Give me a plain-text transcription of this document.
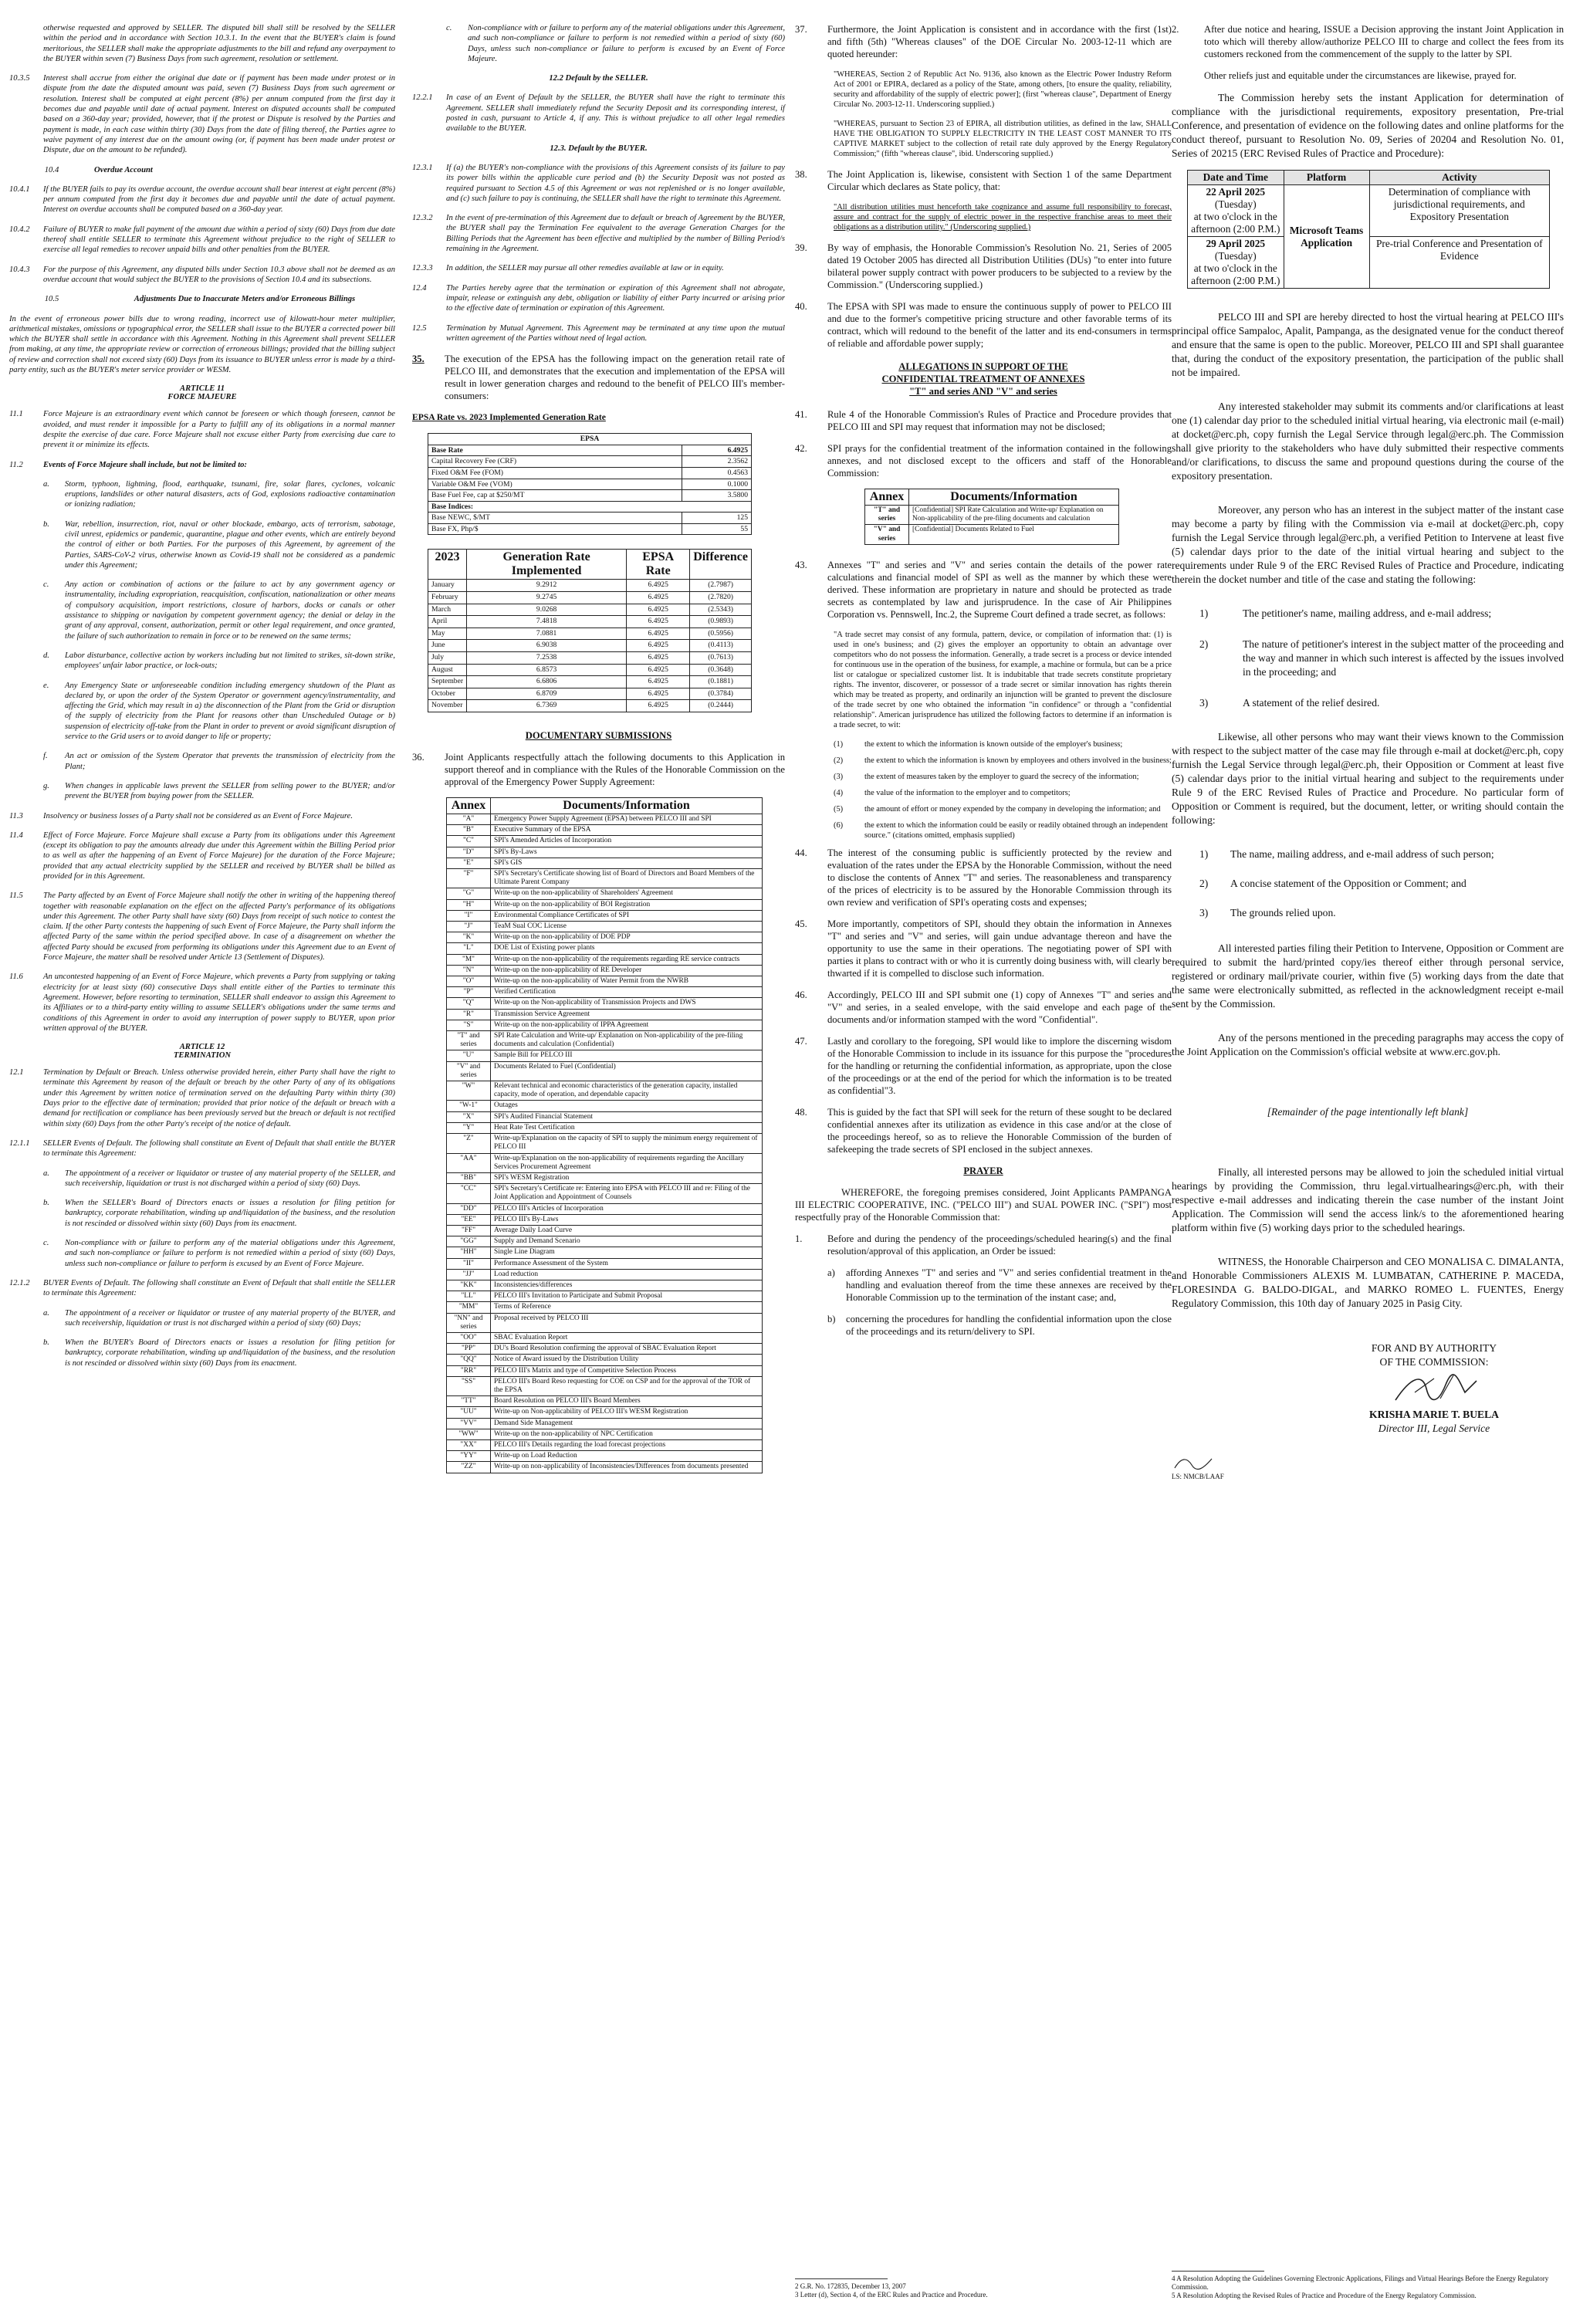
otherwise requested and approved by SELLER. The disputed bill shall still be resolved by the SELLER within the period and in accordance with Section 10.3.1. In the event that the BUYER's claim is found meritorious, the SELLER shall make the appropriate adjustments to the bill and refund any overpayment to the BUYER within seven (7) Business Days from such agreement, resolution or settlement.

10.3.5	Interest shall accrue from either the original due date or if payment has been made under protest or in dispute from the date the disputed amount was paid, seven (7) Business Days from such agreement or resolution. Interest shall be computed at eight percent (8%) per annum computed from the first day it becomes due and payable until date of actual payment. Interest on disputed accounts shall be computed based on a 360-day year; provided, however, that if the protest or Dispute is resolved by the Parties and payment is made, in each case within thirty (30) Days from the date of filing thereof, the Parties agree to waive payment of any interest due on the amount owing (or, if payment has been made under protest or Dispute, due on the amount to be refunded).
10.4	Overdue Account
10.4.1	If the BUYER fails to pay its overdue account, the overdue account shall bear interest at eight percent (8%) per annum computed from the first day it becomes due and payable until the date of actual payment. Interest on overdue accounts shall be computed based on a 360-day year.
10.4.2	Failure of BUYER to make full payment of the amount due within a period of sixty (60) Days from due date thereof shall entitle SELLER to terminate this Agreement without prejudice to the right of SELLER to exercise all legal remedies to recover unpaid bills and other penalties from the BUYER.
10.4.3	For the purpose of this Agreement, any disputed bills under Section 10.3 above shall not be deemed as an overdue account that would subject the BUYER to the provisions of Section 10.4 and its subsections.
10.5	Adjustments Due to Inaccurate Meters and/or Erroneous Billings

In the event of erroneous power bills due to wrong reading, incorrect use of kilowatt-hour meter multiplier, arithmetical mistakes, omissions or typographical error, the SELLER shall issue to the BUYER a corrected power bill which the BUYER shall settle in accordance with this Agreement. Nothing in this Agreement shall prevent SELLER from making, at any time, the appropriate review or correction of erroneous billings; provided that the billing subject of review and correction shall not exceed sixty (60) Days from its issuance to BUYER unless error is made by a third-party entity, such as the BUYER's meter service provider or WESM.

ARTICLE 11
FORCE MAJEURE
11.1	Force Majeure is an extraordinary event which cannot be foreseen or which though foreseen, cannot be avoided, and must render it impossible for a Party to fulfill any of its obligations in a normal manner despite the exercise of due care. Force Majeure shall not excuse either Party from exercising due care to prevent it or minimize its effects.
11.2	Events of Force Majeure shall include, but not be limited to:
a.	Storm, typhoon, lightning, flood, earthquake, tsunami, fire, solar flares, cyclones, volcanic eruptions, landslides or other natural disasters, acts of God, explosions radioactive contamination or ionizing radiation;
b.	War, rebellion, insurrection, riot, naval or other blockade, embargo, acts of terrorism, sabotage, civil unrest, epidemics or pandemic, quarantine, plague and other events, which are entirely beyond the control of either or both Parties. For the purposes of this Agreement, by agreement of the Parties, SARS-CoV-2 virus, otherwise known as Covid-19 shall not be considered as a pandemic under this Agreement;
c.	Any action or combination of actions or the failure to act by any government agency or instrumentality, including expropriation, reacquisition, confiscation, nationalization or other means of compulsory acquisition, import restrictions, closure of harbors, docks or canals or other assistance to shipping or navigation by competent government agency; the denial or delay in the grant of any approval, consent, authorization, permit or other legal requirement, and once granted, the failure of such authorization to remain in force or to be renewed on the same terms;
d.	Labor disturbance, collective action by workers including but not limited to strikes, sit-down strike, employees' unfair labor practice, or lock-outs;
e.	Any Emergency State or unforeseeable condition including emergency shutdown of the Plant as declared by, or upon the order of the System Operator or government agency/instrumentality, and affecting the Grid, which may result in a) the disconnection of the Plant from the Grid or disruption of the supply of electricity from the Plant for reasons other than Unscheduled Outage or b) suspension of electricity off-take from the Plant in order to prevent or avoid significant disruption of service to the Grid users or to avoid danger to life or property;
f.	An act or omission of the System Operator that prevents the transmission of electricity from the Plant;
g.	When changes in applicable laws prevent the SELLER from selling power to the BUYER; and/or prevent the BUYER from buying power from the SELLER.
11.3	Insolvency or business losses of a Party shall not be considered as an Event of Force Majeure.
11.4	Effect of Force Majeure. Force Majeure shall excuse a Party from its obligations under this Agreement (except its obligation to pay the amounts already due under this Agreement within the Billing Period prior to as well as after the happening of an Event of Force Majeure) for the duration of the Force Majeure; provided that any actual electricity supplied by the SELLER and received by BUYER shall be billed as provided for in this Agreement.
11.5	The Party affected by an Event of Force Majeure shall notify the other in writing of the happening thereof together with reasonable explanation on the effect on the affected Party's performance of its obligations under this Agreement. The other Party shall have sixty (60) Days from receipt of such notice to contest the claim. If the other Party contests the happening of such Event of Force Majeure, the Party shall inform the affected Party of the same within the period specified above. In case of a disagreement on whether the affected Party should be excused from performing its obligations under this Agreement due to an Event of Force Majeure, the matter shall be resolved under Article 13 (Settlement of Disputes).
11.6	An uncontested happening of an Event of Force Majeure, which prevents a Party from supplying or taking electricity for at least sixty (60) consecutive Days shall entitle either of the Parties to terminate this Agreement. However, before resorting to termination, SELLER shall endeavor to assign this Agreement to its Affiliates or to a third-party entity willing to assume SELLER's obligations under the same terms and conditions of this Agreement in order to avoid any interruption of power supply to BUYER, upon prior written approval of the BUYER.
ARTICLE 12
TERMINATION
12.1	Termination by Default or Breach. Unless otherwise provided herein, either Party shall have the right to terminate this Agreement by reason of the default or breach by the other Party of any of its obligations under this Agreement by written notice of termination served on the defaulting Party within thirty (30) Days prior to the effective date of termination; provided that prior notice of the default or breach with a demand for rectification or compliance has been previously served but the breach or default is not rectified within sixty (60) Days from the other Party's receipt of the notice of default.
12.1.1	SELLER Events of Default. The following shall constitute an Event of Default that shall entitle the BUYER to terminate this Agreement:
a.	The appointment of a receiver or liquidator or trustee of any material property of the SELLER, and such receivership, liquidation or trust is not discharged within a period of sixty (60) Days.
b.	When the SELLER's Board of Directors enacts or issues a resolution for filing petition for bankruptcy, corporate rehabilitation, winding up and/liquidation of the business, and the resolution is not rescinded or dissolved within sixty (60) Days from its enactment.
c.	Non-compliance with or failure to perform any of the material obligations under this Agreement, and such non-compliance or failure to perform is not remedied within a period of sixty (60) Days, unless such non-compliance or failure to perform is excused by an Event of Force Majeure.
12.1.2	BUYER Events of Default. The following shall constitute an Event of Default that shall entitle the SELLER to terminate this Agreement:
a.	The appointment of a receiver or liquidator or trustee of any material property of the BUYER, and such receivership, liquidation or trust is not discharged within a period of sixty (60) Days;
b.	When the BUYER's Board of Directors enacts or issues a resolution for filing petition for bankruptcy, corporate rehabilitation, winding up and/liquidation of the business, and the resolution is not rescinded or dissolved within sixty (60) Days from its enactment.
c.	Non-compliance with or failure to perform any of the material obligations under this Agreement, and such non-compliance or failure to perform is not remedied within a period of sixty (60) Days, unless such non-compliance or failure to perform is excused by an Event of Force Majeure.

12.2 Default by the SELLER.

12.2.1	In case of an Event of Default by the SELLER, the BUYER shall have the right to terminate this Agreement. SELLER shall immediately refund the Security Deposit and its corresponding interest, if posted in cash, pursuant to Article 4, if any. This is without prejudice to all other legal remedies available to the BUYER.

12.3. Default by the BUYER.

12.3.1	If (a) the BUYER's non-compliance with the provisions of this Agreement consists of its failure to pay its power bills within the applicable cure period and (b) the Security Deposit was not posted as required pursuant to Section 4.5 of this Agreement or was not replenished or is no longer available, and (c) such failure to pay is continuing, the SELLER shall have the right to terminate this Agreement.
12.3.2	In the event of pre-termination of this Agreement due to default or breach of Agreement by the BUYER, the BUYER shall pay the Termination Fee equivalent to the average Generation Charges for the Billing Periods that the Agreement has been effective and multiplied by the number of Billing Period/s remaining in the Agreement.
12.3.3	In addition, the SELLER may pursue all other remedies available at law or in equity.
12.4	The Parties hereby agree that the termination or expiration of this Agreement shall not abrogate, impair, release or extinguish any debt, obligation or liability of either Party incurred or arising prior to the effective date of termination or expiration of this Agreement.
12.5	Termination by Mutual Agreement. This Agreement may be terminated at any time upon the mutual written agreement of the Parties without need of legal action.
35.	The execution of the EPSA has the following impact on the generation retail rate of PELCO III, and demonstrates that the execution and implementation of the EPSA will result in lower generation charges and redound to the benefit of PELCO III's member-consumers:

EPSA Rate vs. 2023 Implemented Generation Rate

EPSA	
Base Rate	6.4925
Capital Recovery Fee (CRF)	2.3562
Fixed O&M Fee (FOM)	0.4563
Variable O&M Fee (VOM)	0.1000
Base Fuel Fee, cap at $250/MT	3.5800
Base Indices:	
Base NEWC, $/MT	125
Base FX, Php/$	55
2023	Generation Rate Implemented	EPSA Rate	Difference
January	9.2912	6.4925	(2.7987)
February	9.2745	6.4925	(2.7820)
March	9.0268	6.4925	(2.5343)
April	7.4818	6.4925	(0.9893)
May	7.0881	6.4925	(0.5956)
June	6.9038	6.4925	(0.4113)
July	7.2538	6.4925	(0.7613)
August	6.8573	6.4925	(0.3648)
September	6.6806	6.4925	(0.1881)
October	6.8709	6.4925	(0.3784)
November	6.7369	6.4925	(0.2444)

DOCUMENTARY SUBMISSIONS

36.	Joint Applicants respectfully attach the following documents to this Application in support thereof and in compliance with the Rules of the Honorable Commission on the approval of the Emergency Power Supply Agreement:
Annex	Documents/Information
"A"	Emergency Power Supply Agreement (EPSA) between PELCO III and SPI
"B"	Executive Summary of the EPSA
"C"	SPI's Amended Articles of Incorporation
"D"	SPI's By-Laws
"E"	SPI's GIS
"F"	SPI's Secretary's Certificate showing list of Board of Directors and Board Members of the Ultimate Parent Company
"G"	Write-up on the non-applicability of Shareholders' Agreement
"H"	Write-up on the non-applicability of BOI Registration
"I"	Environmental Compliance Certificates of SPI
"J"	TeaM Sual COC License
"K"	Write-up on the non-applicability of DOE PDP
"L"	DOE List of Existing power plants
"M"	Write-up on the non-applicability of the requirements regarding RE service contracts
"N"	Write-up on the non-applicability of RE Developer
"O"	Write-up on the non-applicability of Water Permit from the NWRB
"P"	Verified Certification
"Q"	Write-up on the Non-applicability of Transmission Projects and DWS
"R"	Transmission Service Agreement
"S"	Write-up on the non-applicability of IPPA Agreement
"T" and series	SPI Rate Calculation and Write-up/ Explanation on Non-applicability of the pre-filing documents and calculation (Confidential)
"U"	Sample Bill for PELCO III
"V" and series	Documents Related to Fuel (Confidential)
"W"	Relevant technical and economic characteristics of the generation capacity, installed capacity, mode of operation, and dependable capacity
"W-1"	Outages
"X"	SPI's Audited Financial Statement
"Y"	Heat Rate Test Certification
"Z"	Write-up/Explanation on the capacity of SPI to supply the minimum energy requirement of PELCO III
"AA"	Write-up/Explanation on the non-applicability of requirements regarding the Ancillary Services Procurement Agreement
"BB"	SPI's WESM Registration
"CC"	SPI's Secretary's Certificate re: Entering into EPSA with PELCO III and re: Filing of the Joint Application and Appointment of Counsels
"DD"	PELCO III's Articles of Incorporation
"EE"	PELCO III's By-Laws
"FF"	Average Daily Load Curve
"GG"	Supply and Demand Scenario
"HH"	Single Line Diagram
"II"	Performance Assessment of the System
"JJ"	Load reduction
"KK"	Inconsistencies/differences
"LL"	PELCO III's Invitation to Participate and Submit Proposal
"MM"	Terms of Reference
"NN" and series	Proposal received by PELCO III
"OO"	SBAC Evaluation Report
"PP"	DU's Board Resolution confirming the approval of SBAC Evaluation Report
"QQ"	Notice of Award issued by the Distribution Utility
"RR"	PELCO III's Matrix and type of Competitive Selection Process
"SS"	PELCO III's Board Reso requesting for COE on CSP and for the approval of the TOR of the EPSA
"TT"	Board Resolution on PELCO III's Board Members
"UU"	Write-up on Non-applicability of PELCO III's WESM Registration
"VV"	Demand Side Management
"WW"	Write-up on the non-applicability of NPC Certification
"XX"	PELCO III's Details regarding the load forecast projections
"YY"	Write-up on Load Reduction
"ZZ"	Write-up on non-applicability of Inconsistencies/Differences from documents presented
37.	Furthermore, the Joint Application is consistent and in accordance with the first (1st) and fifth (5th) "Whereas clauses" of the DOE Circular No. 2003-12-11 which are quoted hereunder:

"WHEREAS, Section 2 of Republic Act No. 9136, also known as the Electric Power Industry Reform Act of 2001 or EPIRA, declared as a policy of the State, among others, [to ensure the quality, reliability, security and affordability of the supply of electric power]; (first "whereas clause", Department of Energy Circular No. 2003-12-11. Underscoring supplied.)

"WHEREAS, pursuant to Section 23 of EPIRA, all distribution utilities, as defined in the law, SHALL HAVE THE OBLIGATION TO SUPPLY ELECTRICITY IN THE LEAST COST MANNER TO ITS CAPTIVE MARKET subject to the collection of retail rate duly approved by the Energy Regulatory Commission;" (fifth "whereas clause", ibid. Underscoring supplied.)

38.	The Joint Application is, likewise, consistent with Section 1 of the same Department Circular which declares as State policy, that:

"All distribution utilities must henceforth take cognizance and assume full responsibility to forecast, assure and contract for the supply of electric power in the respective franchise areas to meet their obligations as a distribution utility." (Underscoring supplied.)

39.	By way of emphasis, the Honorable Commission's Resolution No. 21, Series of 2005 dated 19 October 2005 has directed all Distribution Utilities (DUs) "to enter into future bilateral power supply contract with power producers to be subjected to a review by the Commission." (Underscoring supplied.)
40.	The EPSA with SPI was made to ensure the continuous supply of power to PELCO III and due to the former's competitive pricing structure and other favorable terms of its contract, which will redound to the benefit of the latter and its end-consumers in terms of reliable and affordable power supply;
ALLEGATIONS IN SUPPORT OF THE
CONFIDENTIAL TREATMENT OF ANNEXES
"T" and series AND "V" and series
41.	Rule 4 of the Honorable Commission's Rules of Practice and Procedure provides that PELCO III and SPI may request that information may not be disclosed;
42.	SPI prays for the confidential treatment of the information contained in the following annexes, and not disclosed except to the officers and staff of the Honorable Commission:
Annex	Documents/Information
"T" and series	[Confidential] SPI Rate Calculation and Write-up/ Explanation on Non-applicability of the pre-filing documents and calculation
"V" and series	[Confidential] Documents Related to Fuel
43.	Annexes "T" and series and "V" and series contain the details of the power rate calculations and financial model of SPI as well as the manner by which these were derived. These information are proprietary in nature and should be protected as trade secrets as contemplated by law and jurisprudence. In the case of Air Philippines Corporation vs. Pennswell, Inc.2, the Supreme Court defined a trade secret, as follows:

"A trade secret may consist of any formula, pattern, device, or compilation of information that: (1) is used in one's business; and (2) gives the employer an opportunity to obtain an advantage over competitors who do not possess the information. Generally, a trade secret is a process or device intended for continuous use in the operation of the business, for example, a machine or formula, but can be a price list or catalogue or specialized customer list. It is indubitable that trade secrets constitute proprietary rights. The inventor, discoverer, or possessor of a trade secret or similar innovation has rights therein which may be treated as property, and ordinarily an injunction will be granted to prevent the disclosure of the trade secret by one who obtained the information "in confidence" or through a "confidential relationship". American jurisprudence has utilized the following factors to determine if an information is a trade secret, to wit:

(1)	the extent to which the information is known outside of the employer's business;
(2)	the extent to which the information is known by employees and others involved in the business;
(3)	the extent of measures taken by the employer to guard the secrecy of the information;
(4)	the value of the information to the employer and to competitors;
(5)	the amount of effort or money expended by the company in developing the information; and
(6)	the extent to which the information could be easily or readily obtained through an independent source." (citations omitted, emphasis supplied)
44.	The interest of the consuming public is sufficiently protected by the review and evaluation of the rates under the EPSA by the Honorable Commission, without the need to disclose the contents of Annex "T" and series. The reasonableness and transparency of the prices of electricity is to be assured by the Honorable Commission through its own review and verification of SPI's operating costs and expenses;
45.	More importantly, competitors of SPI, should they obtain the information in Annexes "T" and series and "V" and series, will gain undue advantage thereon and have the opportunity to use the same in their operations. The negotiating power of SPI with parties it plans to contract with or who it is currently doing business with, will clearly be thwarted if it is compelled to disclose such information.
46.	Accordingly, PELCO III and SPI submit one (1) copy of Annexes "T" and series and "V" and series, in a sealed envelope, with the said envelope and each page of the documents and/or information stamped with the word "Confidential".
47.	Lastly and corollary to the foregoing, SPI would like to implore the discerning wisdom of the Honorable Commission to include in its issuance for this purpose the "procedures for the handling or returning the confidential information, as appropriate, upon the close of the proceedings or at the end of the period for which the information is to be treated as confidential"3.
48.	This is guided by the fact that SPI will seek for the return of these sought to be declared confidential annexes after its utilization as evidence in this case and/or at the close of the proceedings hereof, so as to relieve the Honorable Commission of the burden of safekeeping the trade secrets of SPI enclosed in the subject annexes.

PRAYER

WHEREFORE, the foregoing premises considered, Joint Applicants PAMPANGA III ELECTRIC COOPERATIVE, INC. ("PELCO III") and SUAL POWER INC. ("SPI") most respectfully pray of the Honorable Commission that:

1.	Before and during the pendency of the proceedings/scheduled hearing(s) and the final resolution/approval of this application, an Order be issued:
a)	affording Annexes "T" and series and "V" and series confidential treatment in the handling and evaluation thereof from the time these annexes are received by the Honorable Commission up to the termination of the instant case; and,
b)	concerning the procedures for handling the confidential information upon the close of the proceedings and its return/delivery to SPI.
2 G.R. No. 172835, December 13, 2007
3 Letter (d), Section 4, of the ERC Rules and Practice and Procedure.
2.	After due notice and hearing, ISSUE a Decision approving the instant Joint Application in toto which will thereby allow/authorize PELCO III to charge and collect the fees from its customers reckoned from the commencement of the supply to the latter by SPI.

Other reliefs just and equitable under the circumstances are likewise, prayed for.

The Commission hereby sets the instant Application for determination of compliance with the jurisdictional requirements, expository presentation, Pre-trial Conference, and presentation of evidence on the following dates and online platforms for the conduct thereof, pursuant to Resolution No. 09, Series of 20204 and Resolution No. 01, Series of 20215 (ERC Revised Rules of Practice and Procedure):

Date and Time	Platform	Activity

22 April 2025
(Tuesday)
at two o'clock in the afternoon (2:00 P.M.)	Microsoft Teams Application	Determination of compliance with jurisdictional requirements, and Expository Presentation

29 April 2025
(Tuesday)
at two o'clock in the afternoon (2:00 P.M.)		Pre-trial Conference and Presentation of Evidence

PELCO III and SPI are hereby directed to host the virtual hearing at PELCO III's principal office Sampaloc, Apalit, Pampanga, as the designated venue for the conduct thereof and ensure that the same is open to the public. Moreover, PELCO III and SPI shall guarantee that, during the conduct of the expository presentation, the participation of the public shall not be impaired.

Any interested stakeholder may submit its comments and/or clarifications at least one (1) calendar day prior to the scheduled initial virtual hearing, via electronic mail (e-mail) at docket@erc.ph, copy furnish the Legal Service through legal@erc.ph. The Commission shall give priority to the stakeholders who have duly submitted their respective comments and/or clarifications, to discuss the same and propound questions during the course of the expository presentation.

Moreover, any person who has an interest in the subject matter of the instant case may become a party by filing with the Commission via e-mail at docket@erc.ph, copy furnish the Legal Service through legal@erc.ph, a verified Petition to Intervene at least five (5) calendar days prior to the date of the initial virtual hearing and subject to the requirements under Rule 9 of the ERC Revised Rules of Practice and Procedure, indicating therein the docket number and title of the case and stating the following:

1)	The petitioner's name, mailing address, and e-mail address;
2)	The nature of petitioner's interest in the subject matter of the proceeding and the way and manner in which such interest is affected by the issues involved in the proceeding; and
3)	A statement of the relief desired.

Likewise, all other persons who may want their views known to the Commission with respect to the subject matter of the case may file through e-mail at docket@erc.ph, copy furnish the Legal Service through legal@erc.ph, their Opposition or Comment at least five (5) calendar days prior to the initial virtual hearing and subject to the requirements under Rule 9 of the ERC Revised Rules of Practice and Procedure. No particular form of Opposition or Comment is required, but the document, letter, or writing should contain the following:

1)	The name, mailing address, and e-mail address of such person;
2)	A concise statement of the Opposition or Comment; and
3)	The grounds relied upon.

All interested parties filing their Petition to Intervene, Opposition or Comment are required to submit the hard/printed copy/ies thereof either through personal service, registered or ordinary mail/private courier, within five (5) working days from the date that the same were electronically submitted, as reflected in the acknowledgment receipt e-mail sent by the Commission.

Any of the persons mentioned in the preceding paragraphs may access the copy of the Joint Application on the Commission's official website at www.erc.gov.ph.

[Remainder of the page intentionally left blank]

Finally, all interested persons may be allowed to join the scheduled initial virtual hearings by providing the Commission, thru legal.virtualhearings@erc.ph, with their respective e-mail addresses and indicating therein the case number of the instant Joint Application. The Commission will send the access link/s to the aforementioned hearing platform within five (5) working days prior to the scheduled hearings.

WITNESS, the Honorable Chairperson and CEO MONALISA C. DIMALANTA, and Honorable Commissioners ALEXIS M. LUMBATAN, CATHERINE P. MACEDA, FLORESINDA G. BALDO-DIGAL, and MARKO ROMEO L. FUENTES, Energy Regulatory Commission, this 10th day of January 2025 in Pasig City.

FOR AND BY AUTHORITY
OF THE COMMISSION:
KRISHA MARIE T. BUELA
Director III, Legal Service
LS: NMCB/LAAF
4 A Resolution Adopting the Guidelines Governing Electronic Applications, Filings and Virtual Hearings Before the Energy Regulatory Commission.
5 A Resolution Adopting the Revised Rules of Practice and Procedure of the Energy Regulatory Commission.
